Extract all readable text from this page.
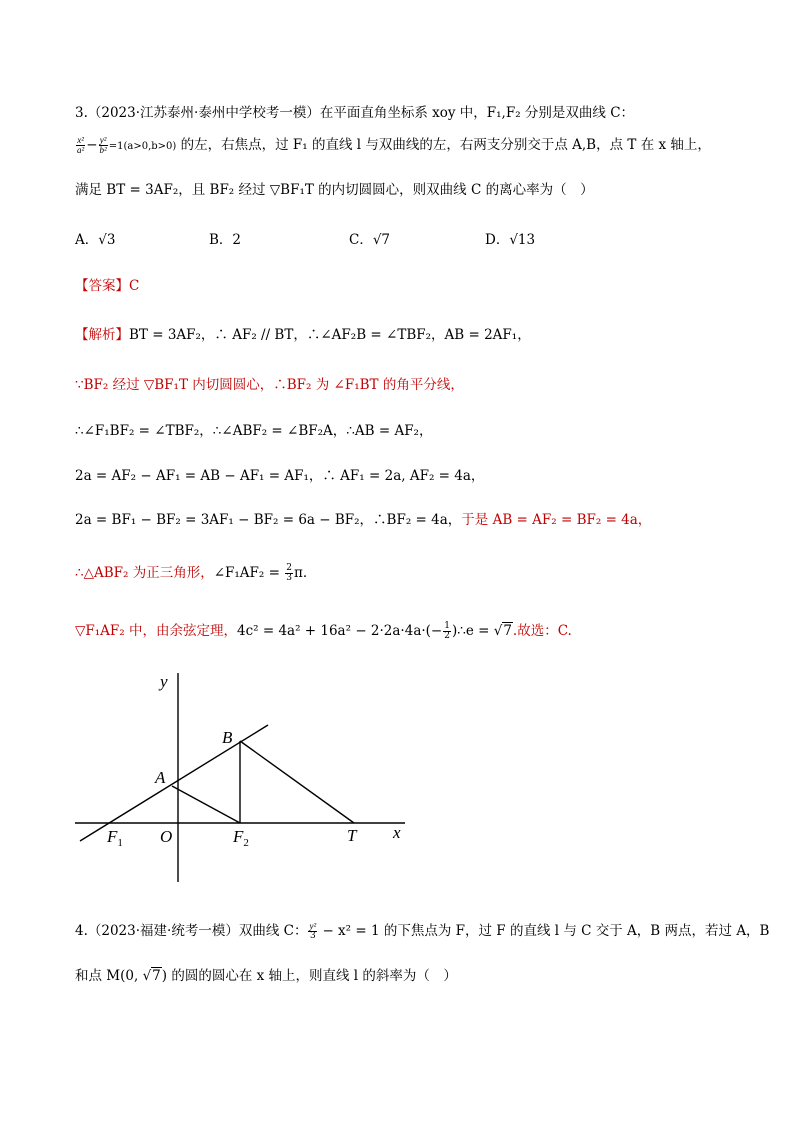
3.（2023·江苏泰州·泰州中学校考一模）在平面直角坐标系 xoy 中，F₁,F₂ 分别是双曲线 C：
$\frac{\text{x²}}{\text{a²}} - \frac{\text{y²}}{\text{b²}} =1(a>0,b>0)$ 的左，右焦点，过 F₁ 的直线 l 与双曲线的左，右两支分别交于点 A,B，点 T 在 x 轴上，
满足 BT = 3AF₂，且 BF₂ 经过 ▽BF₁T 的内切圆圆心，则双曲线 C 的离心率为（　）
A．√3	B．2	C．√7	D．√13
【答案】C
【解析】BT = 3AF₂，∴ AF₂ // BT，∴∠AF₂B = ∠TBF₂，AB = 2AF₁，
∵BF₂ 经过 ▽BF₁T 内切圆圆心，∴BF₂ 为 ∠F₁BT 的角平分线，
∴∠F₁BF₂ = ∠TBF₂，∴∠ABF₂ = ∠BF₂A，∴AB = AF₂，
2a = AF₂ − AF₁ = AB − AF₁ = AF₁，∴ AF₁ = 2a, AF₂ = 4a，
2a = BF₁ − BF₂ = 3AF₁ − BF₂ = 6a − BF₂，∴BF₂ = 4a，于是 AB = AF₂ = BF₂ = 4a，
∴△ABF₂ 为正三角形，∠F₁AF₂ = $\frac{2}{3}$ π．
▽F₁AF₂ 中，由余弦定理，$4c^2 = 4a^2 + 16a^2 - 2\cdot 2a\cdot 4a\cdot(- \frac{1}{2}$ )∴e = √7.故选：C.
y
x
O
A
B
T
$F_1$	$F_2$
4.（2023·福建·统考一模）双曲线 C： $\frac{\text{y²}}{3} - x^2 = 1$ 的下焦点为 F，过 F 的直线 l 与 C 交于 A，B 两点，若过 A，B
和点 M(0, √7) 的圆的圆心在 x 轴上，则直线 l 的斜率为（　）
